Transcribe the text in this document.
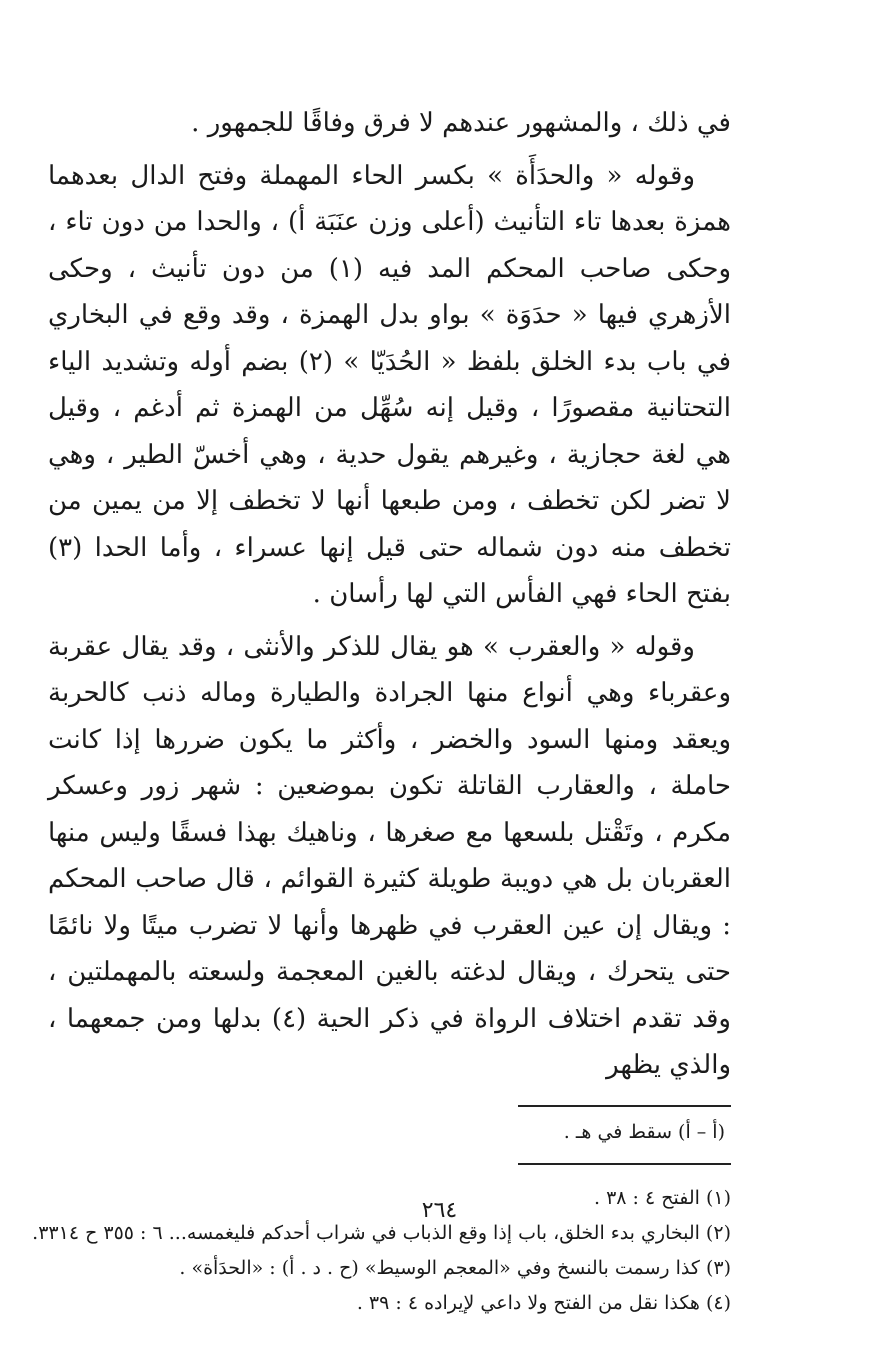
في ذلك ، والمشهور عندهم لا فرق وفاقًا للجمهور .

وقوله « والحدَأَة » بكسر الحاء المهملة وفتح الدال بعدهما همزة بعدها تاء التأنيث (أعلى وزن عنَبَة أ) ، والحدا من دون تاء ، وحكى صاحب المحكم المد فيه (١) من دون تأنيث ، وحكى الأزهري فيها « حدَوَة » بواو بدل الهمزة ، وقد وقع في البخاري في باب بدء الخلق بلفظ « الحُدَيّا » (٢) بضم أوله وتشديد الياء التحتانية مقصورًا ، وقيل إنه سُهِّل من الهمزة ثم أدغم ، وقيل هي لغة حجازية ، وغيرهم يقول حدية ، وهي أخسّ الطير ، وهي لا تضر لكن تخطف ، ومن طبعها أنها لا تخطف إلا من يمين من تخطف منه دون شماله حتى قيل إنها عسراء ، وأما الحدا (٣) بفتح الحاء فهي الفأس التي لها رأسان .

وقوله « والعقرب » هو يقال للذكر والأنثى ، وقد يقال عقربة وعقرباء وهي أنواع منها الجرادة والطيارة وماله ذنب كالحربة ويعقد ومنها السود والخضر ، وأكثر ما يكون ضررها إذا كانت حاملة ، والعقارب القاتلة تكون بموضعين : شهر زور وعسكر مكرم ، وتَقْتل بلسعها مع صغرها ، وناهيك بهذا فسقًا وليس منها العقربان بل هي دويبة طويلة كثيرة القوائم ، قال صاحب المحكم : ويقال إن عين العقرب في ظهرها وأنها لا تضرب ميتًا ولا نائمًا حتى يتحرك ، ويقال لدغته بالغين المعجمة ولسعته بالمهملتين ، وقد تقدم اختلاف الرواة في ذكر الحية (٤) بدلها ومن جمعهما ، والذي يظهر

(أ – أ) سقط في هـ .

(١) الفتح ٤ : ٣٨ .

(٢) البخاري بدء الخلق، باب إذا وقع الذباب في شراب أحدكم فليغمسه... ٦ : ٣٥٥ ح ٣٣١٤.

(٣) كذا رسمت بالنسخ وفي «المعجم الوسيط» (ح . د . أ) : «الحدَأة» .

(٤) هكذا نقل من الفتح ولا داعي لإيراده ٤ : ٣٩ .

٢٦٤
